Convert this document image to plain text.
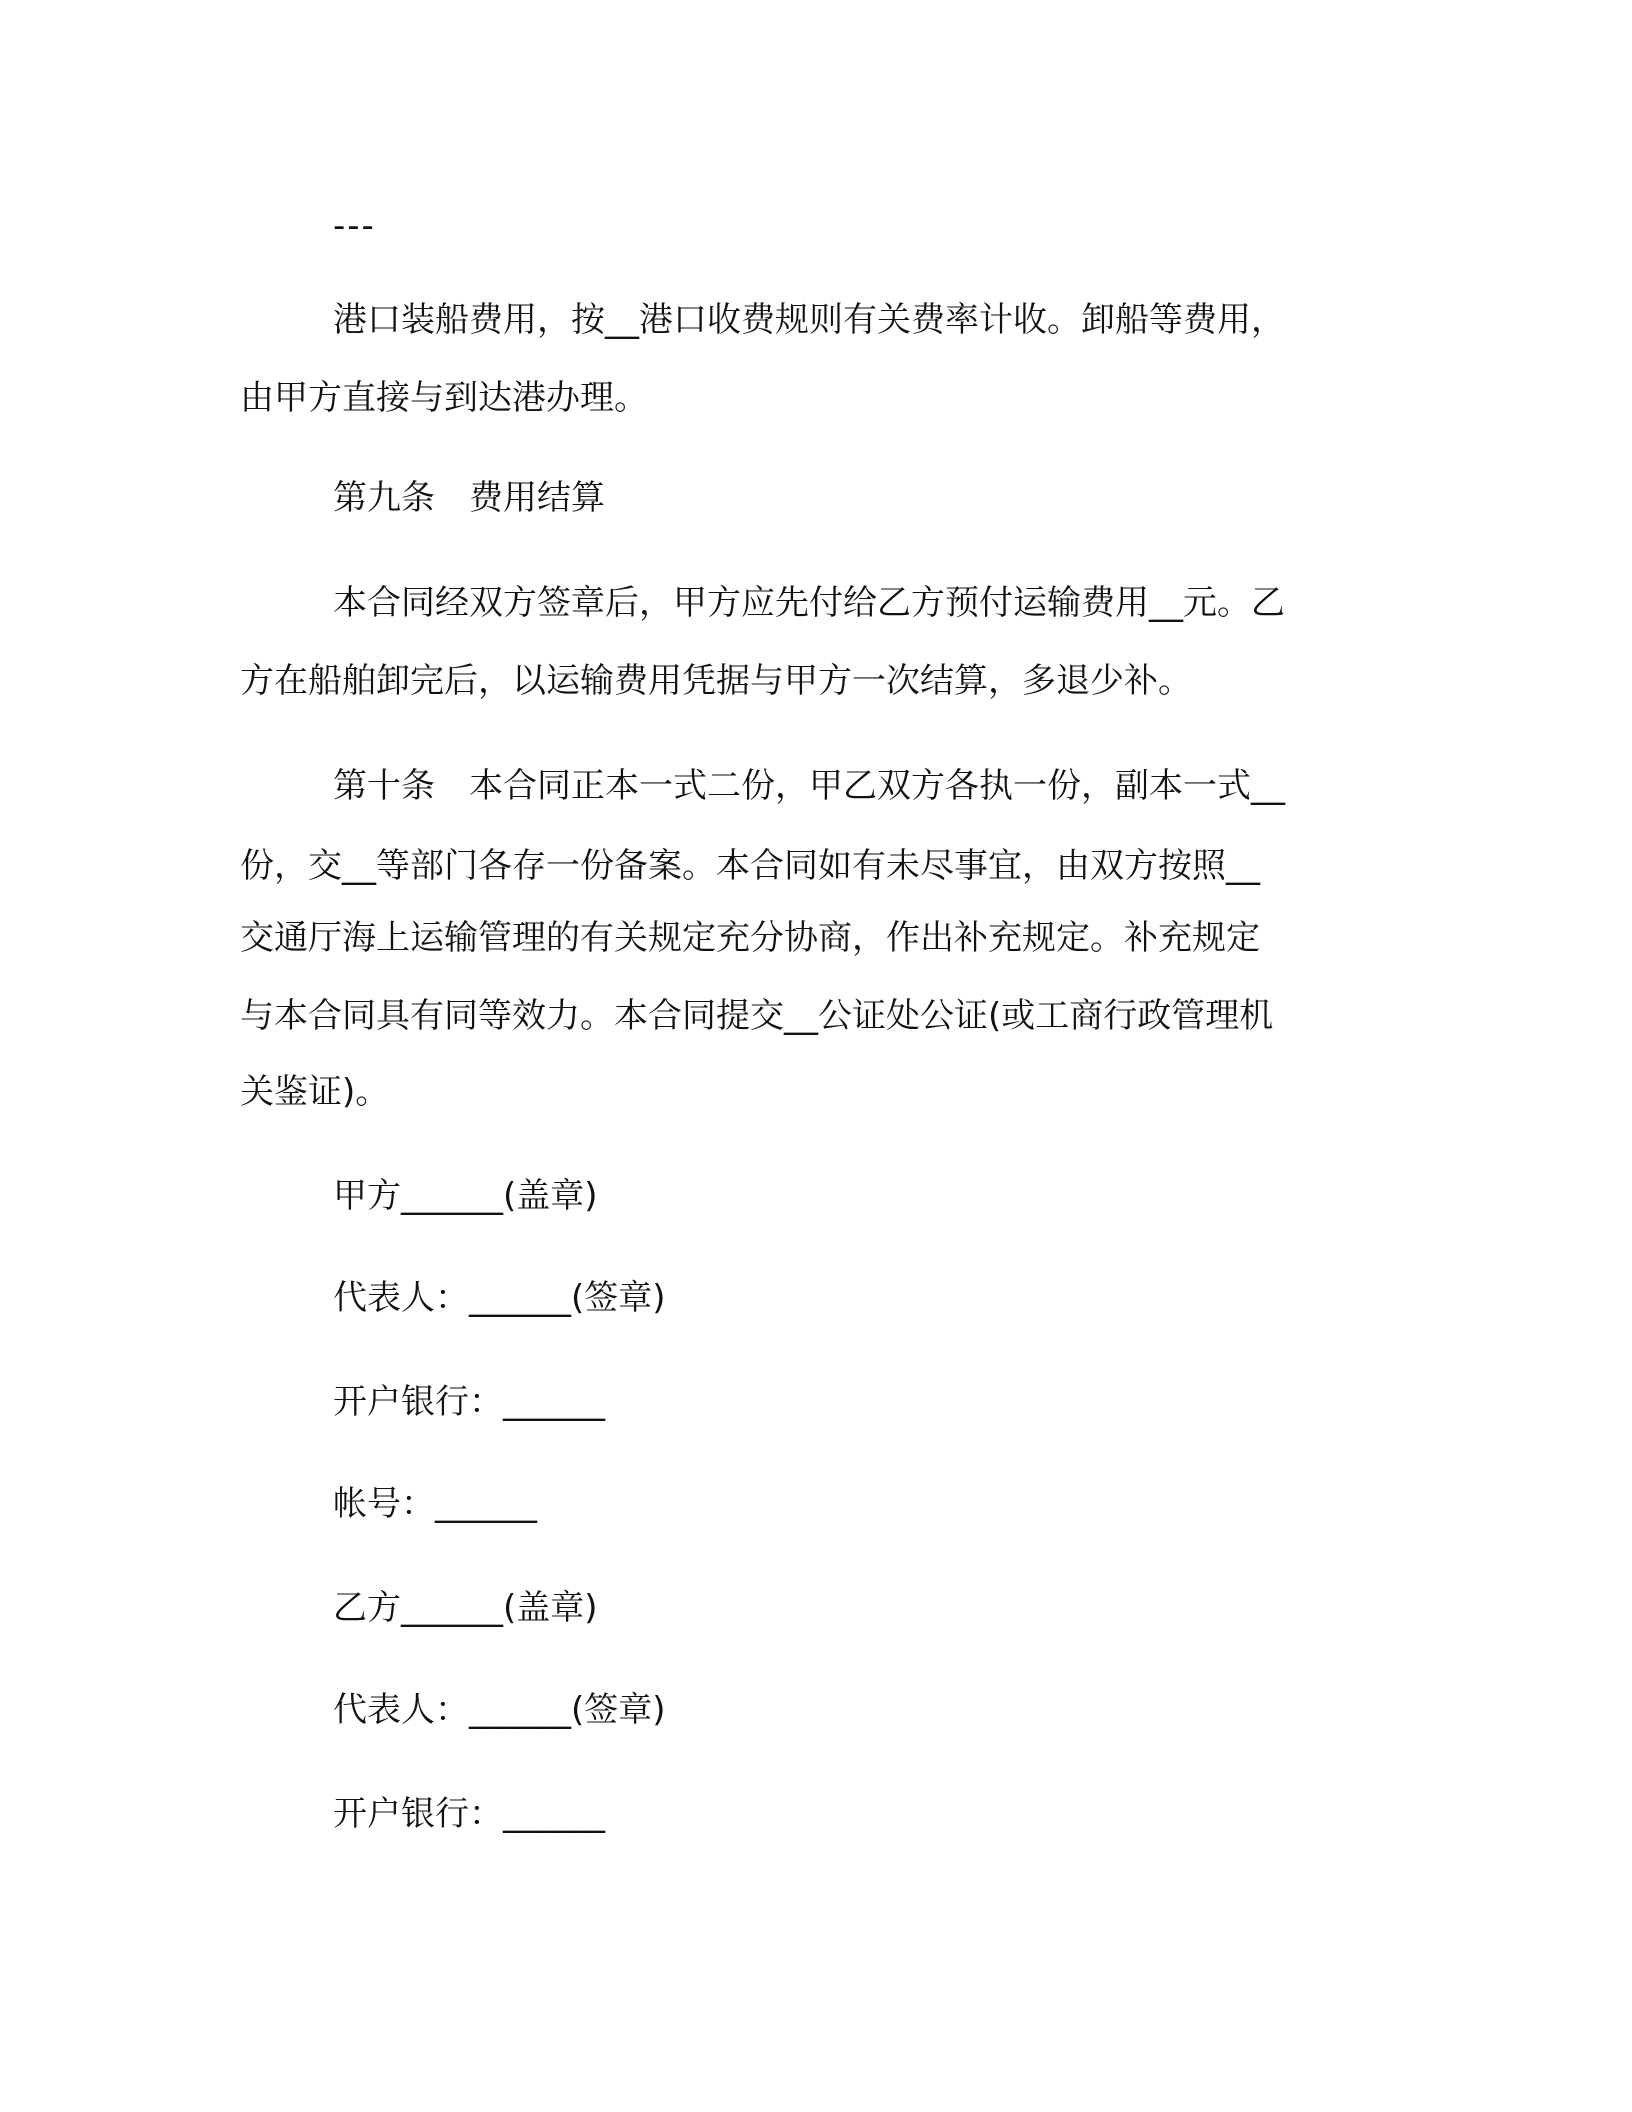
---
港口装船费用，按__港口收费规则有关费率计收。卸船等费用，
由甲方直接与到达港办理。
第九条　费用结算
本合同经双方签章后，甲方应先付给乙方预付运输费用__元。乙
方在船舶卸完后，以运输费用凭据与甲方一次结算，多退少补。
第十条　本合同正本一式二份，甲乙双方各执一份，副本一式__
份，交__等部门各存一份备案。本合同如有未尽事宜，由双方按照__
交通厅海上运输管理的有关规定充分协商，作出补充规定。补充规定
与本合同具有同等效力。本合同提交__公证处公证(或工商行政管理机
关鉴证)。
甲方______(盖章)
代表人：______(签章)
开户银行：______
帐号：______
乙方______(盖章)
代表人：______(签章)
开户银行：______
